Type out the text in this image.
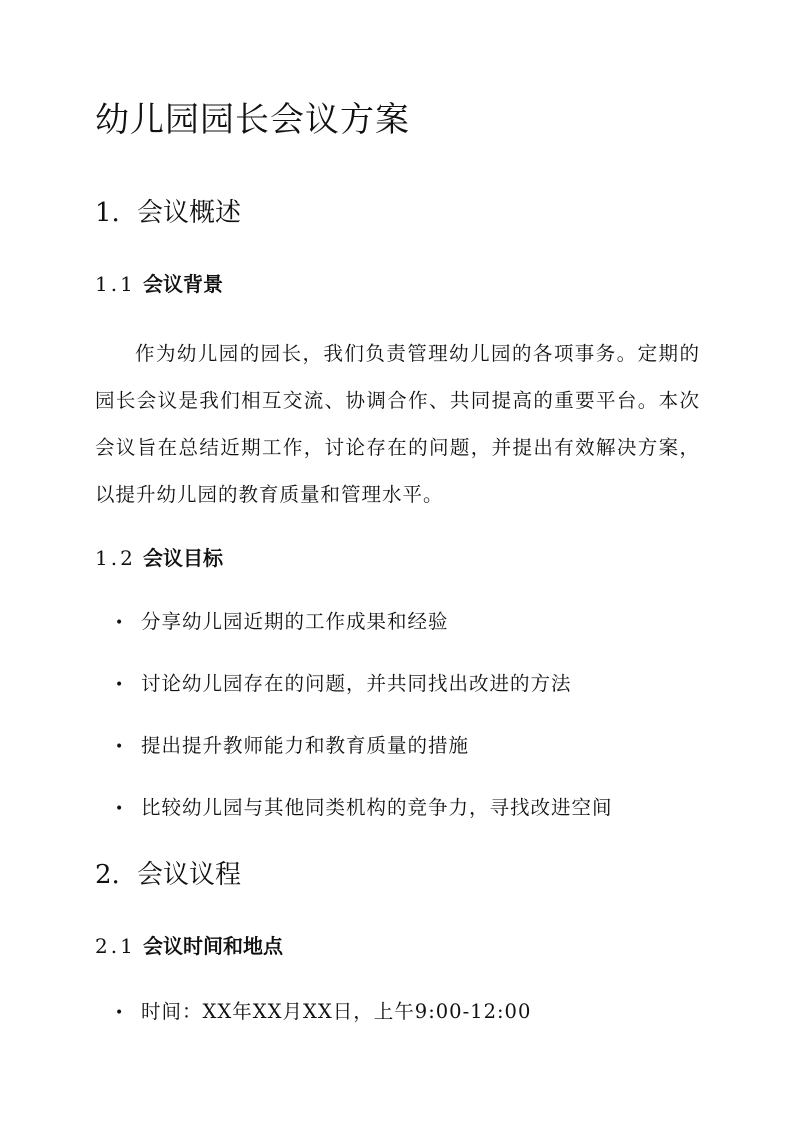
幼儿园园长会议方案
1. 会议概述
1.1 会议背景

作为幼儿园的园长，我们负责管理幼儿园的各项事务。定期的园长会议是我们相互交流、协调合作、共同提高的重要平台。本次会议旨在总结近期工作，讨论存在的问题，并提出有效解决方案，以提升幼儿园的教育质量和管理水平。

1.2 会议目标
• 分享幼儿园近期的工作成果和经验
• 讨论幼儿园存在的问题，并共同找出改进的方法
• 提出提升教师能力和教育质量的措施
• 比较幼儿园与其他同类机构的竞争力，寻找改进空间
2. 会议议程
2.1 会议时间和地点
• 时间：XX年XX月XX日，上午9:00-12:00
